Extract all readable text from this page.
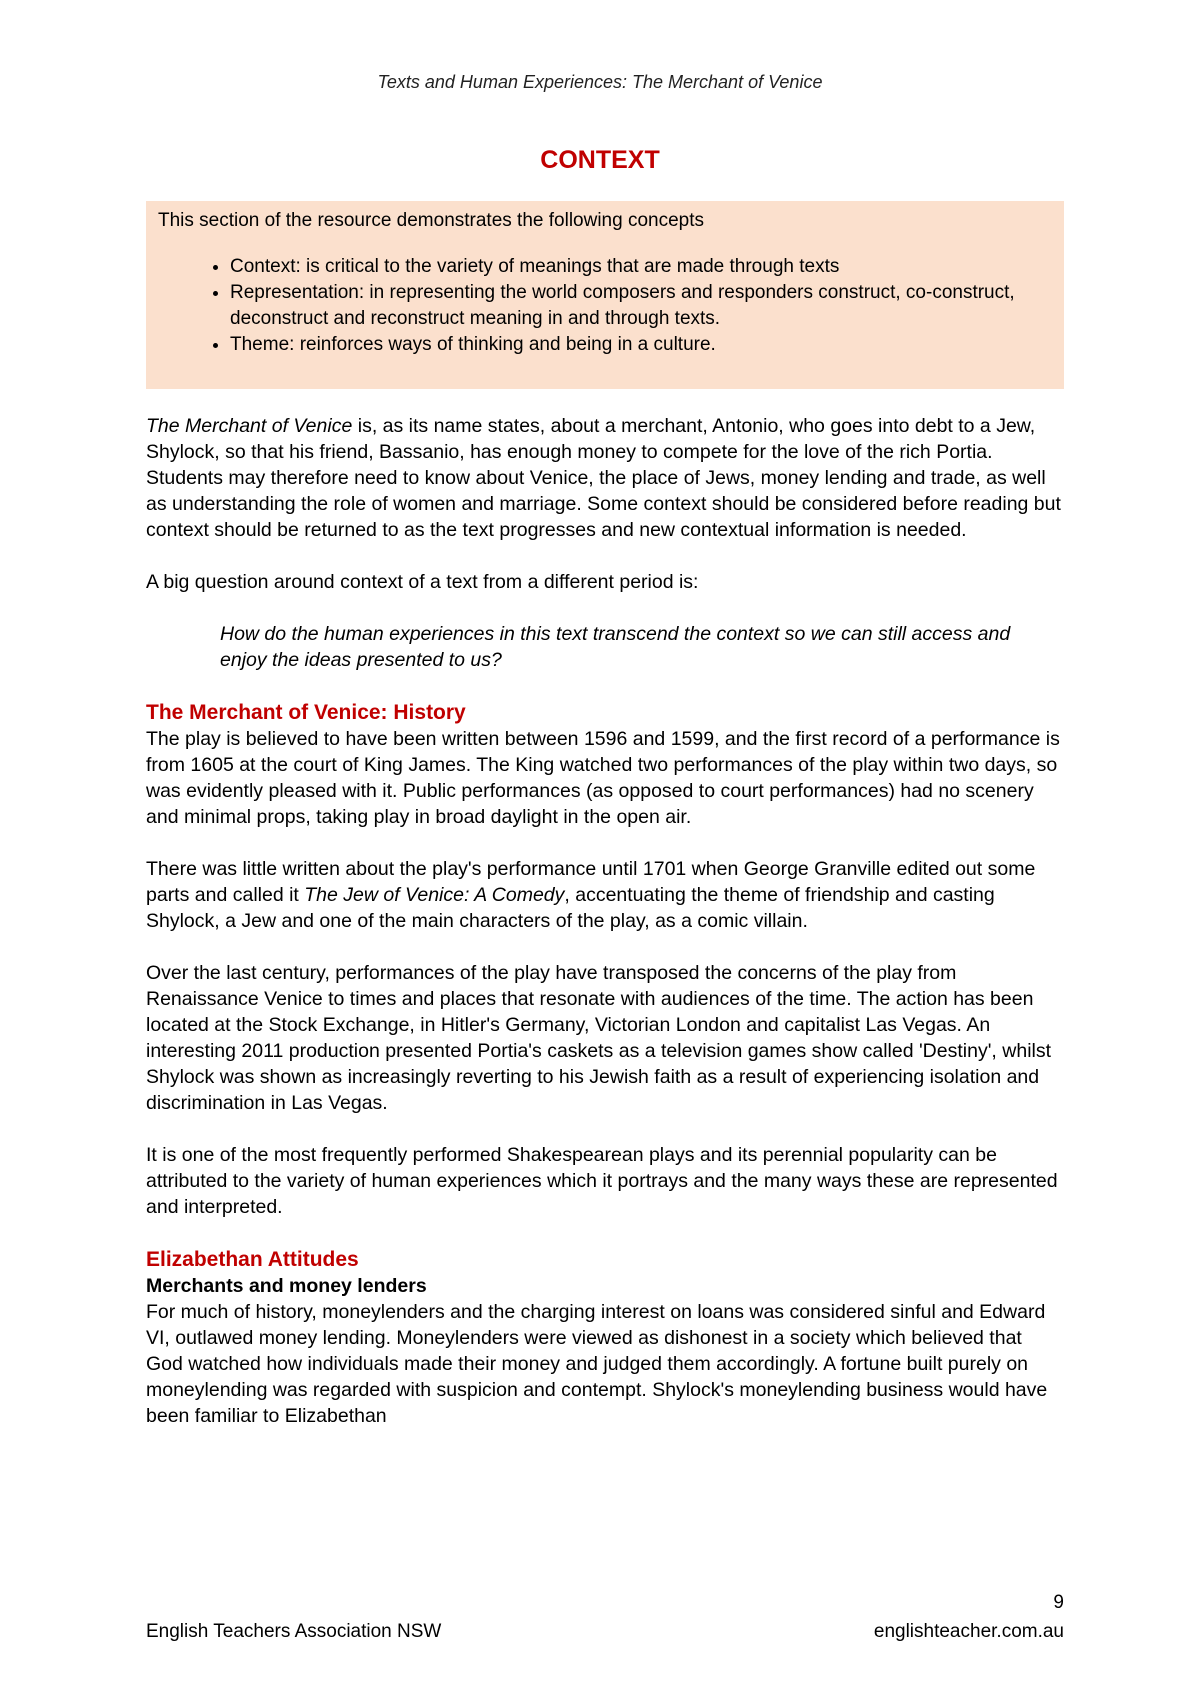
Texts and Human Experiences: The Merchant of Venice
CONTEXT
This section of the resource demonstrates the following concepts
• Context: is critical to the variety of meanings that are made through texts
• Representation: in representing the world composers and responders construct, co-construct, deconstruct and reconstruct meaning in and through texts.
• Theme: reinforces ways of thinking and being in a culture.

The Merchant of Venice is, as its name states, about a merchant, Antonio, who goes into debt to a Jew, Shylock, so that his friend, Bassanio, has enough money to compete for the love of the rich Portia. Students may therefore need to know about Venice, the place of Jews, money lending and trade, as well as understanding the role of women and marriage. Some context should be considered before reading but context should be returned to as the text progresses and new contextual information is needed.

A big question around context of a text from a different period is:

How do the human experiences in this text transcend the context so we can still access and enjoy the ideas presented to us?
The Merchant of Venice: History

The play is believed to have been written between 1596 and 1599, and the first record of a performance is from 1605 at the court of King James. The King watched two performances of the play within two days, so was evidently pleased with it. Public performances (as opposed to court performances) had no scenery and minimal props, taking play in broad daylight in the open air.

There was little written about the play's performance until 1701 when George Granville edited out some parts and called it The Jew of Venice: A Comedy, accentuating the theme of friendship and casting Shylock, a Jew and one of the main characters of the play, as a comic villain.

Over the last century, performances of the play have transposed the concerns of the play from Renaissance Venice to times and places that resonate with audiences of the time. The action has been located at the Stock Exchange, in Hitler's Germany, Victorian London and capitalist Las Vegas. An interesting 2011 production presented Portia's caskets as a television games show called 'Destiny', whilst Shylock was shown as increasingly reverting to his Jewish faith as a result of experiencing isolation and discrimination in Las Vegas.

It is one of the most frequently performed Shakespearean plays and its perennial popularity can be attributed to the variety of human experiences which it portrays and the many ways these are represented and interpreted.

Elizabethan Attitudes
Merchants and money lenders

For much of history, moneylenders and the charging interest on loans was considered sinful and Edward VI, outlawed money lending. Moneylenders were viewed as dishonest in a society which believed that God watched how individuals made their money and judged them accordingly. A fortune built purely on moneylending was regarded with suspicion and contempt. Shylock's moneylending business would have been familiar to Elizabethan

9
English Teachers Association NSW	englishteacher.com.au
